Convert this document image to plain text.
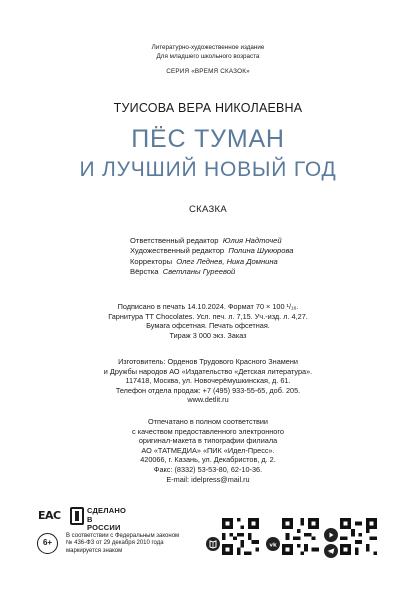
Литературно-художественное издание
Для младшего школьного возраста
СЕРИЯ «ВРЕМЯ СКАЗОК»
ТУИСОВА ВЕРА НИКОЛАЕВНА
ПЁС ТУМАН
И ЛУЧШИЙ НОВЫЙ ГОД
СКАЗКА

Ответственный редактор Юлия Надточей

Художественный редактор Полина Шукюрова

Корректоры Олег Леднев, Ника Домнина

Вёрстка Светланы Гуреевой

Подписано в печать 14.10.2024. Формат 70 × 100 ¹/₁₆.

Гарнитура TT Chocolates. Усл. печ. л. 7,15. Уч.-изд. л. 4,27.

Бумага офсетная. Печать офсетная.

Тираж 3 000 экз. Заказ

Изготовитель: Орденов Трудового Красного Знамени

и Дружбы народов АО «Издательство «Детская литература».

117418, Москва, ул. Новочерёмушкинская, д. 61.

Телефон отдела продаж: +7 (495) 933-55-65, доб. 205.

www.detlit.ru

Отпечатано в полном соответствии

с качеством предоставленного электронного

оригинал-макета в типографии филиала

АО «ТАТМЕДИА» «ПИК «Идел-Пресс».

420066, г. Казань, ул. Декабристов, д. 2.

Факс: (8332) 53-53-80, 62-10-36.

E-mail: idelpress@mail.ru

EAC	СДЕЛАНО
В РОССИИ
6+

В соответствии с Федеральным законом

№ 436-ФЗ от 29 декабря 2010 года

маркируется знаком

vk
